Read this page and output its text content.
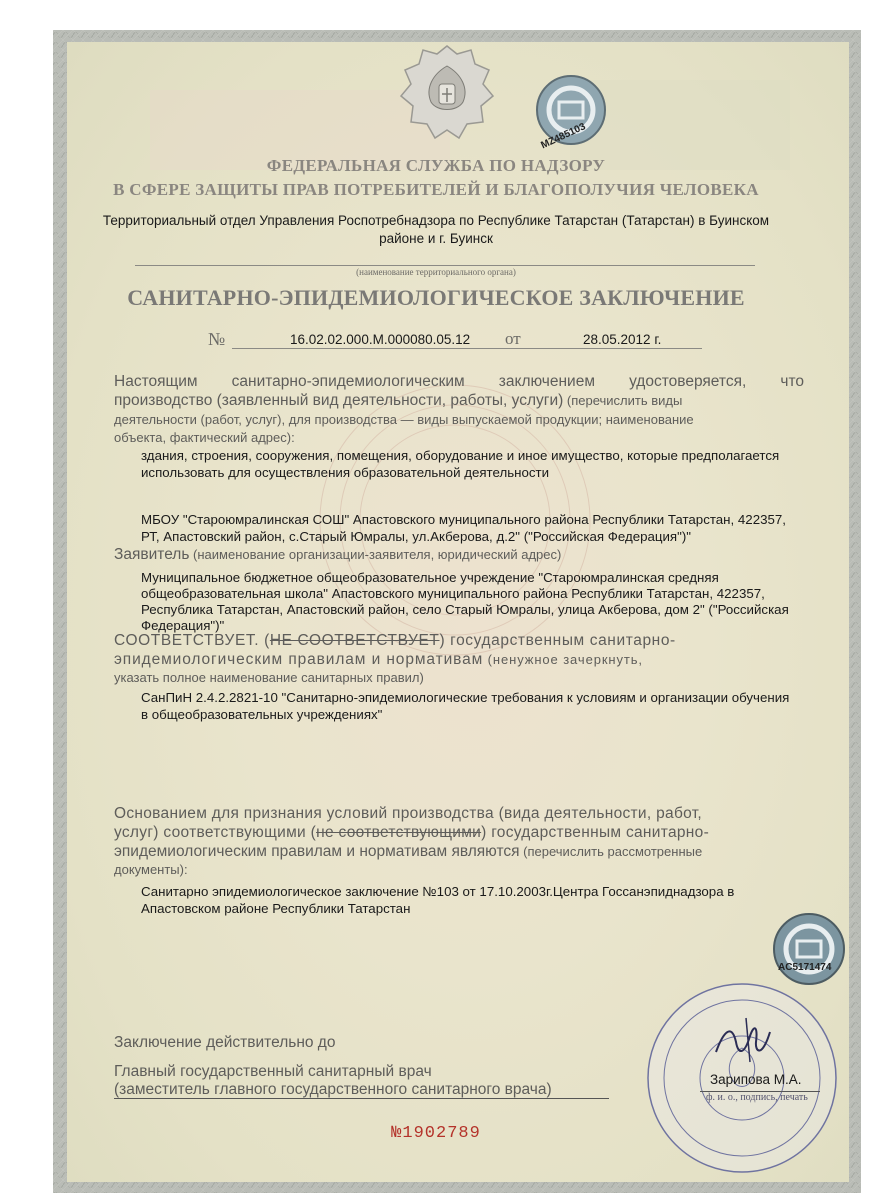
MZ485103
AC5171474
ФЕДЕРАЛЬНАЯ СЛУЖБА ПО НАДЗОРУ
В СФЕРЕ ЗАЩИТЫ ПРАВ ПОТРЕБИТЕЛЕЙ И БЛАГОПОЛУЧИЯ ЧЕЛОВЕКА
Территориальный отдел Управления Роспотребнадзора по Республике Татарстан (Татарстан) в Буинском
районе и г. Буинск
(наименование территориального органа)
САНИТАРНО-ЭПИДЕМИОЛОГИЧЕСКОЕ ЗАКЛЮЧЕНИЕ
№	16.02.02.000.М.000080.05.12 от	28.05.2012 г.
Настоящим санитарно-эпидемиологическим заключением удостоверяется, что
производство (заявленный вид деятельности, работы, услуги) (перечислить виды
деятельности (работ, услуг), для производства — виды выпускаемой продукции; наименование
объекта, фактический адрес):
здания, строения, сооружения, помещения, оборудование и иное имущество, которые предполагается
использовать для осуществления образовательной деятельности
МБОУ "Староюмралинская СОШ" Апастовского муниципального района Республики Татарстан, 422357,
РТ, Апастовский район, с.Старый Юмралы, ул.Акберова, д.2" ("Российская Федерация")"
Заявитель (наименование организации-заявителя, юридический адрес)
Муниципальное бюджетное общеобразовательное учреждение "Староюмралинская средняя
общеобразовательная школа" Апастовского муниципального района Республики Татарстан, 422357,
Республика Татарстан, Апастовский район, село Старый Юмралы, улица Акберова, дом 2" ("Российская
Федерация")"
СООТВЕТСТВУЕТ. (НЕ СООТВЕТСТВУЕТ) государственным санитарно-
эпидемиологическим правилам и нормативам (ненужное зачеркнуть,
указать полное наименование санитарных правил)
СанПиН 2.4.2.2821-10 "Санитарно-эпидемиологические требования к условиям и организации обучения
в общеобразовательных учреждениях"
Основанием для признания условий производства (вида деятельности, работ,
услуг) соответствующими (не соответствующими) государственным санитарно-
эпидемиологическим правилам и нормативам являются (перечислить рассмотренные
документы):
Санитарно эпидемиологическое заключение №103 от 17.10.2003г.Центра Госсанэпиднадзора в
Апастовском районе Республики Татарстан
Заключение действительно до
Главный государственный санитарный врач
(заместитель главного государственного санитарного врача)
Зарипова М.А.
ф. и. о., подпись, печать
№1902789
